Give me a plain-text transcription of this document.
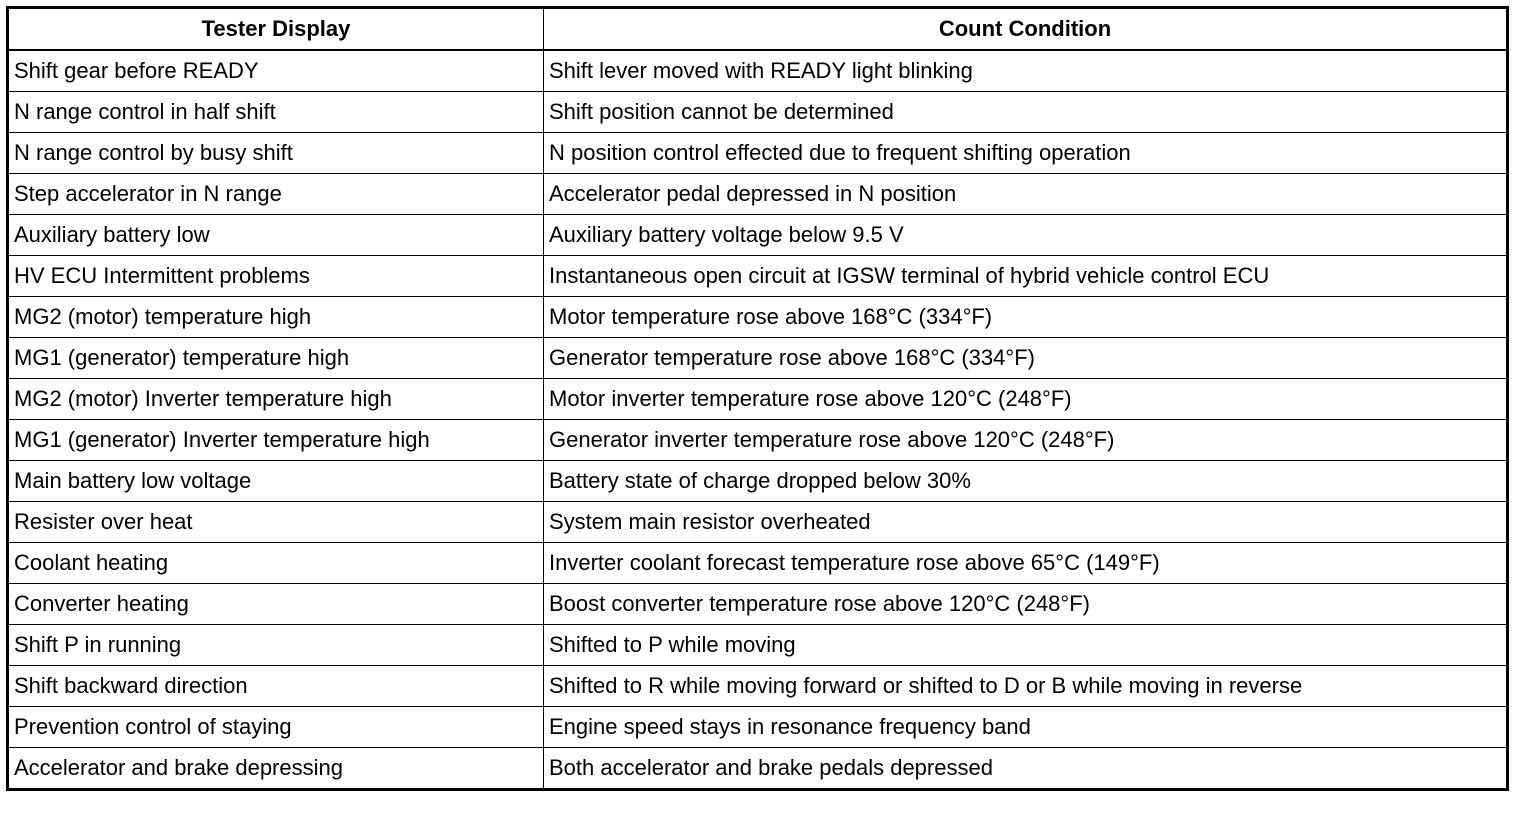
Tester Display	Count Condition
Shift gear before READY	Shift lever moved with READY light blinking
N range control in half shift	Shift position cannot be determined
N range control by busy shift	N position control effected due to frequent shifting operation
Step accelerator in N range	Accelerator pedal depressed in N position
Auxiliary battery low	Auxiliary battery voltage below 9.5 V
HV ECU Intermittent problems	Instantaneous open circuit at IGSW terminal of hybrid vehicle control ECU
MG2 (motor) temperature high	Motor temperature rose above 168°C (334°F)
MG1 (generator) temperature high	Generator temperature rose above 168°C (334°F)
MG2 (motor) Inverter temperature high	Motor inverter temperature rose above 120°C (248°F)
MG1 (generator) Inverter temperature high	Generator inverter temperature rose above 120°C (248°F)
Main battery low voltage	Battery state of charge dropped below 30%
Resister over heat	System main resistor overheated
Coolant heating	Inverter coolant forecast temperature rose above 65°C (149°F)
Converter heating	Boost converter temperature rose above 120°C (248°F)
Shift P in running	Shifted to P while moving
Shift backward direction	Shifted to R while moving forward or shifted to D or B while moving in reverse
Prevention control of staying	Engine speed stays in resonance frequency band
Accelerator and brake depressing	Both accelerator and brake pedals depressed
